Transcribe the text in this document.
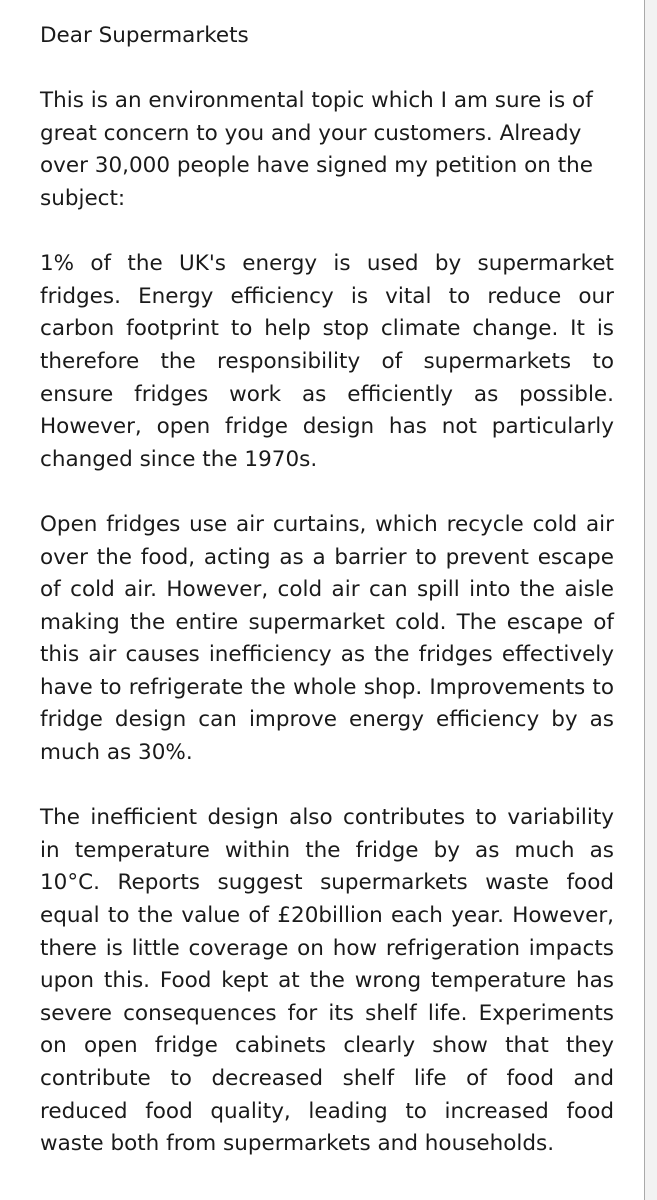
Dear Supermarkets

This is an environmental topic which I am sure is of great concern to you and your customers. Already over 30,000 people have signed my petition on the subject:

1% of the UK's energy is used by supermarket fridges. Energy efficiency is vital to reduce our carbon footprint to help stop climate change. It is therefore the responsibility of supermarkets to ensure fridges work as efficiently as possible. However, open fridge design has not particularly changed since the 1970s.

Open fridges use air curtains, which recycle cold air over the food, acting as a barrier to prevent escape of cold air. However, cold air can spill into the aisle making the entire supermarket cold. The escape of this air causes inefficiency as the fridges effectively have to refrigerate the whole shop. Improvements to fridge design can improve energy efficiency by as much as 30%.

The inefficient design also contributes to variability in temperature within the fridge by as much as 10°C. Reports suggest supermarkets waste food equal to the value of £20billion each year. However, there is little coverage on how refrigeration impacts upon this. Food kept at the wrong temperature has severe consequences for its shelf life. Experiments on open fridge cabinets clearly show that they contribute to decreased shelf life of food and reduced food quality, leading to increased food waste both from supermarkets and households.
